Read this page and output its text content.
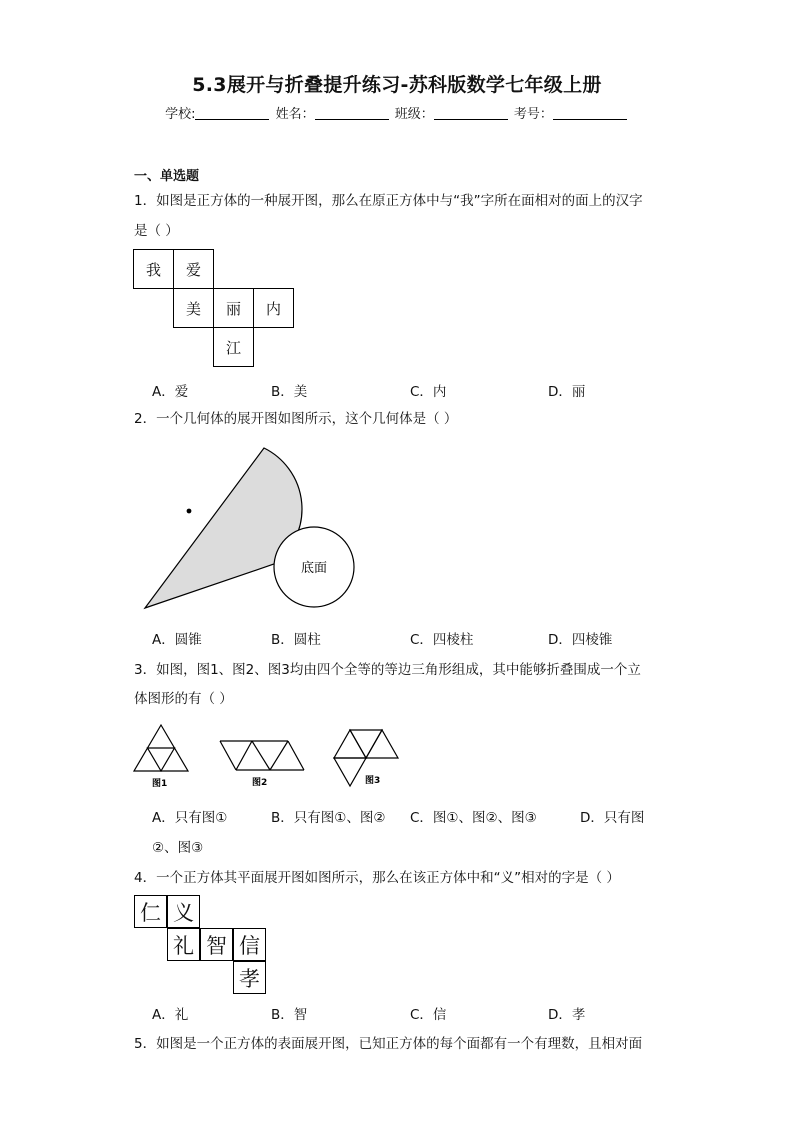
5.3展开与折叠提升练习-苏科版数学七年级上册
学校:	姓名：	班级：	考号：
一、单选题
1．如图是正方体的一种展开图，那么在原正方体中与“我”字所在面相对的面上的汉字
是（ ）
我	爱
美	丽	内
江
A．爱	B．美	C．内	D．丽
2．一个几何体的展开图如图所示，这个几何体是（ ）
底面
A．圆锥	B．圆柱	C．四棱柱	D．四棱锥
3．如图，图1、图2、图3均由四个全等的等边三角形组成，其中能够折叠围成一个立
体图形的有（ ）
图1	图2	图3
A．只有图①	B．只有图①、图② C．图①、图②、图③	D．只有图
②、图③
4．一个正方体其平面展开图如图所示，那么在该正方体中和“义”相对的字是（ ）
仁 义
礼 智 信
孝
A．礼	B．智	C．信	D．孝
5．如图是一个正方体的表面展开图，已知正方体的每个面都有一个有理数，且相对面
